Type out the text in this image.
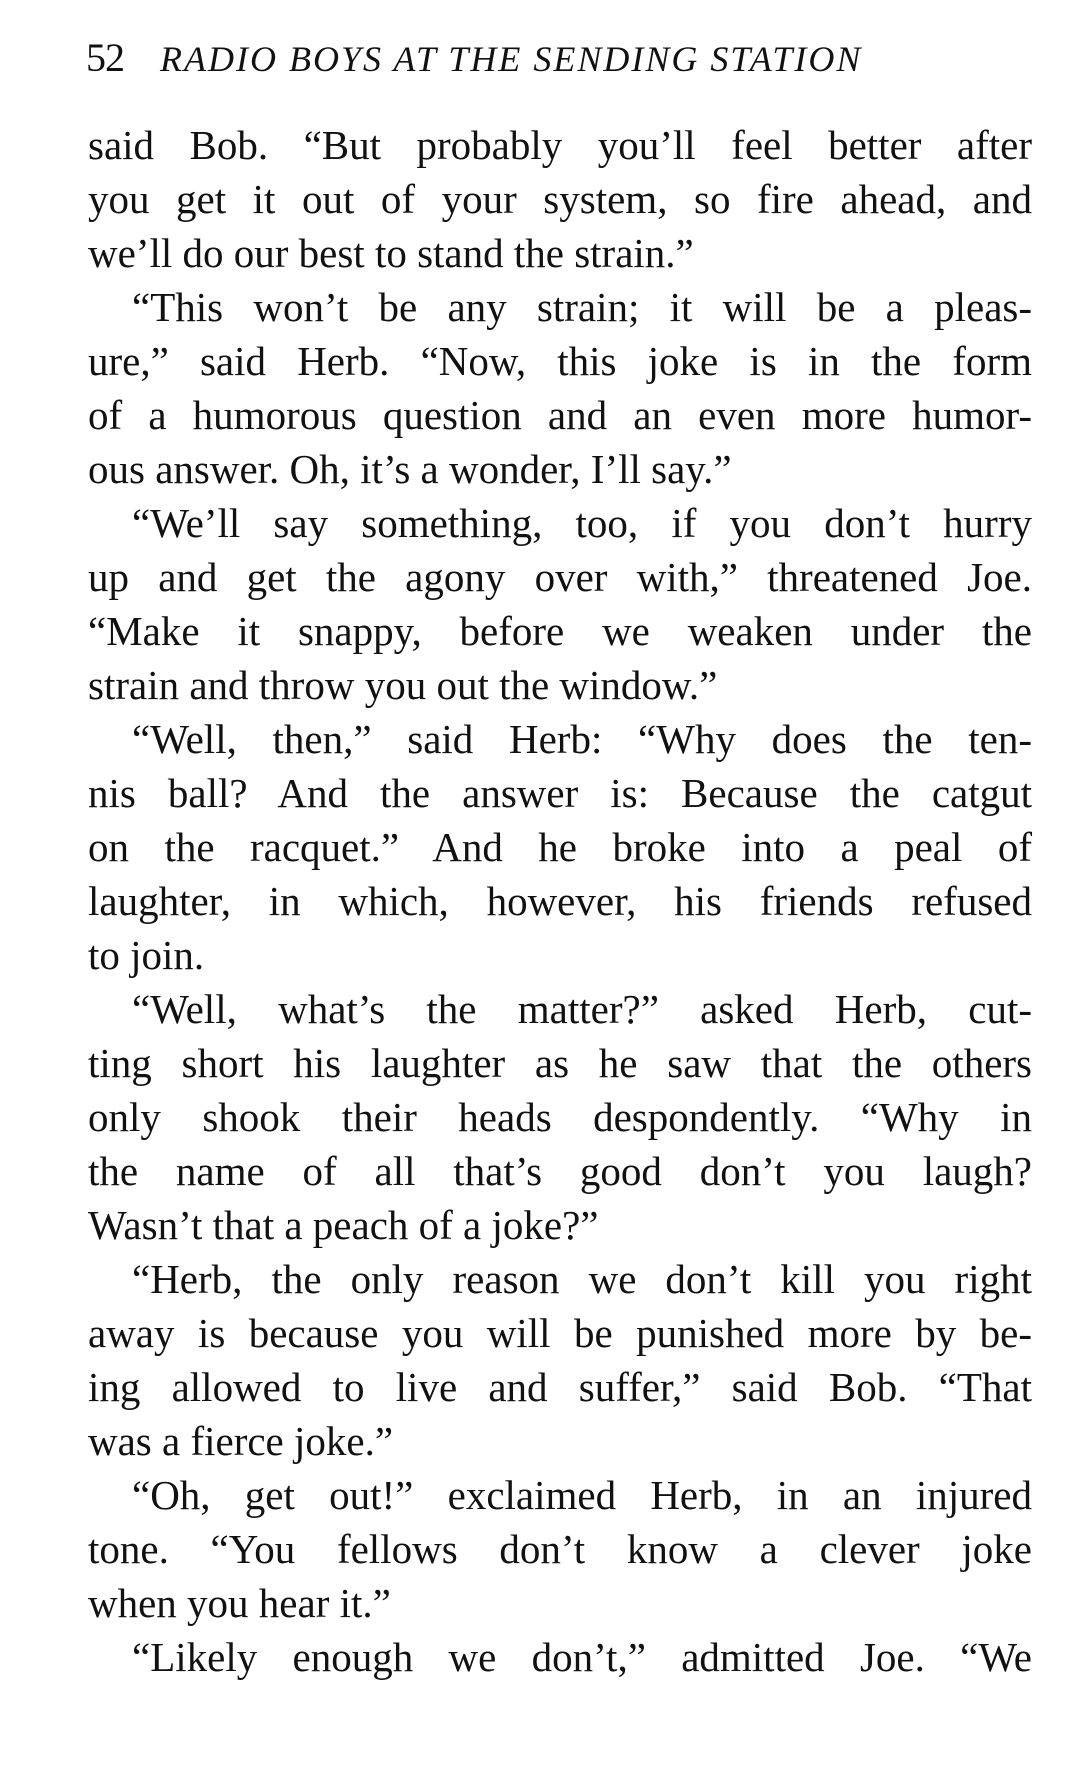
52 RADIO BOYS AT THE SENDING STATION
said Bob. “But probably you’ll feel better after
you get it out of your system, so fire ahead, and
we’ll do our best to stand the strain.”
“This won’t be any strain; it will be a pleas-
ure,” said Herb. “Now, this joke is in the form
of a humorous question and an even more humor-
ous answer. Oh, it’s a wonder, I’ll say.”
“We’ll say something, too, if you don’t hurry
up and get the agony over with,” threatened Joe.
“Make it snappy, before we weaken under the
strain and throw you out the window.”
“Well, then,” said Herb: “Why does the ten-
nis ball? And the answer is: Because the catgut
on the racquet.” And he broke into a peal of
laughter, in which, however, his friends refused
to join.
“Well, what’s the matter?” asked Herb, cut-
ting short his laughter as he saw that the others
only shook their heads despondently. “Why in
the name of all that’s good don’t you laugh?
Wasn’t that a peach of a joke?”
“Herb, the only reason we don’t kill you right
away is because you will be punished more by be-
ing allowed to live and suffer,” said Bob. “That
was a fierce joke.”
“Oh, get out!” exclaimed Herb, in an injured
tone. “You fellows don’t know a clever joke
when you hear it.”
“Likely enough we don’t,” admitted Joe. “We
